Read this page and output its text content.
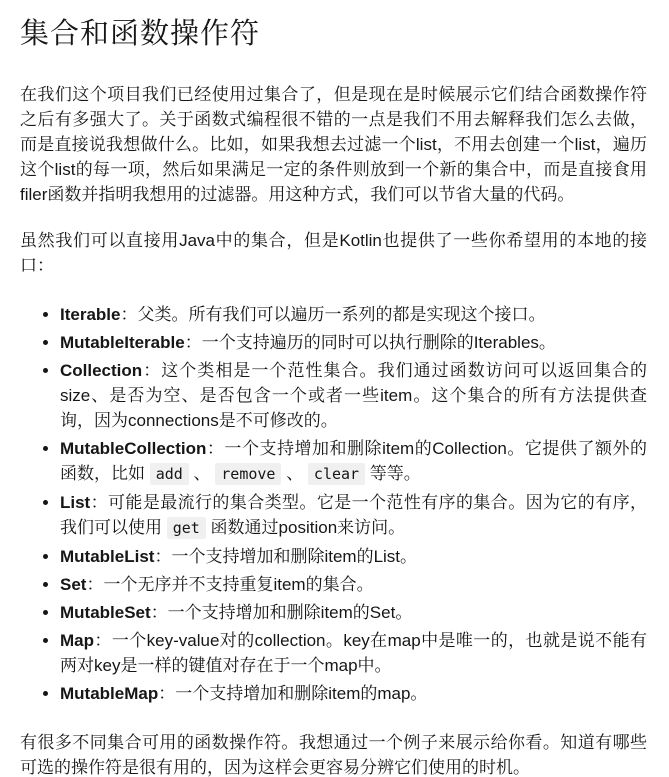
集合和函数操作符

在我们这个项目我们已经使用过集合了，但是现在是时候展示它们结合函数操作符之后有多强大了。关于函数式编程很不错的一点是我们不用去解释我们怎么去做，而是直接说我想做什么。比如，如果我想去过滤一个list，不用去创建一个list，遍历这个list的每一项，然后如果满足一定的条件则放到一个新的集合中，而是直接食用filer函数并指明我想用的过滤器。用这种方式，我们可以节省大量的代码。

虽然我们可以直接用Java中的集合，但是Kotlin也提供了一些你希望用的本地的接口：

• Iterable：父类。所有我们可以遍历一系列的都是实现这个接口。
• MutableIterable：一个支持遍历的同时可以执行删除的Iterables。
• Collection：这个类相是一个范性集合。我们通过函数访问可以返回集合的size、是否为空、是否包含一个或者一些item。这个集合的所有方法提供查询，因为connections是不可修改的。
• MutableCollection：一个支持增加和删除item的Collection。它提供了额外的函数，比如 add 、 remove 、 clear 等等。
• List：可能是最流行的集合类型。它是一个范性有序的集合。因为它的有序，我们可以使用 get 函数通过position来访问。
• MutableList：一个支持增加和删除item的List。
• Set：一个无序并不支持重复item的集合。
• MutableSet：一个支持增加和删除item的Set。
• Map：一个key-value对的collection。key在map中是唯一的，也就是说不能有两对key是一样的键值对存在于一个map中。
• MutableMap：一个支持增加和删除item的map。

有很多不同集合可用的函数操作符。我想通过一个例子来展示给你看。知道有哪些可选的操作符是很有用的，因为这样会更容易分辨它们使用的时机。
